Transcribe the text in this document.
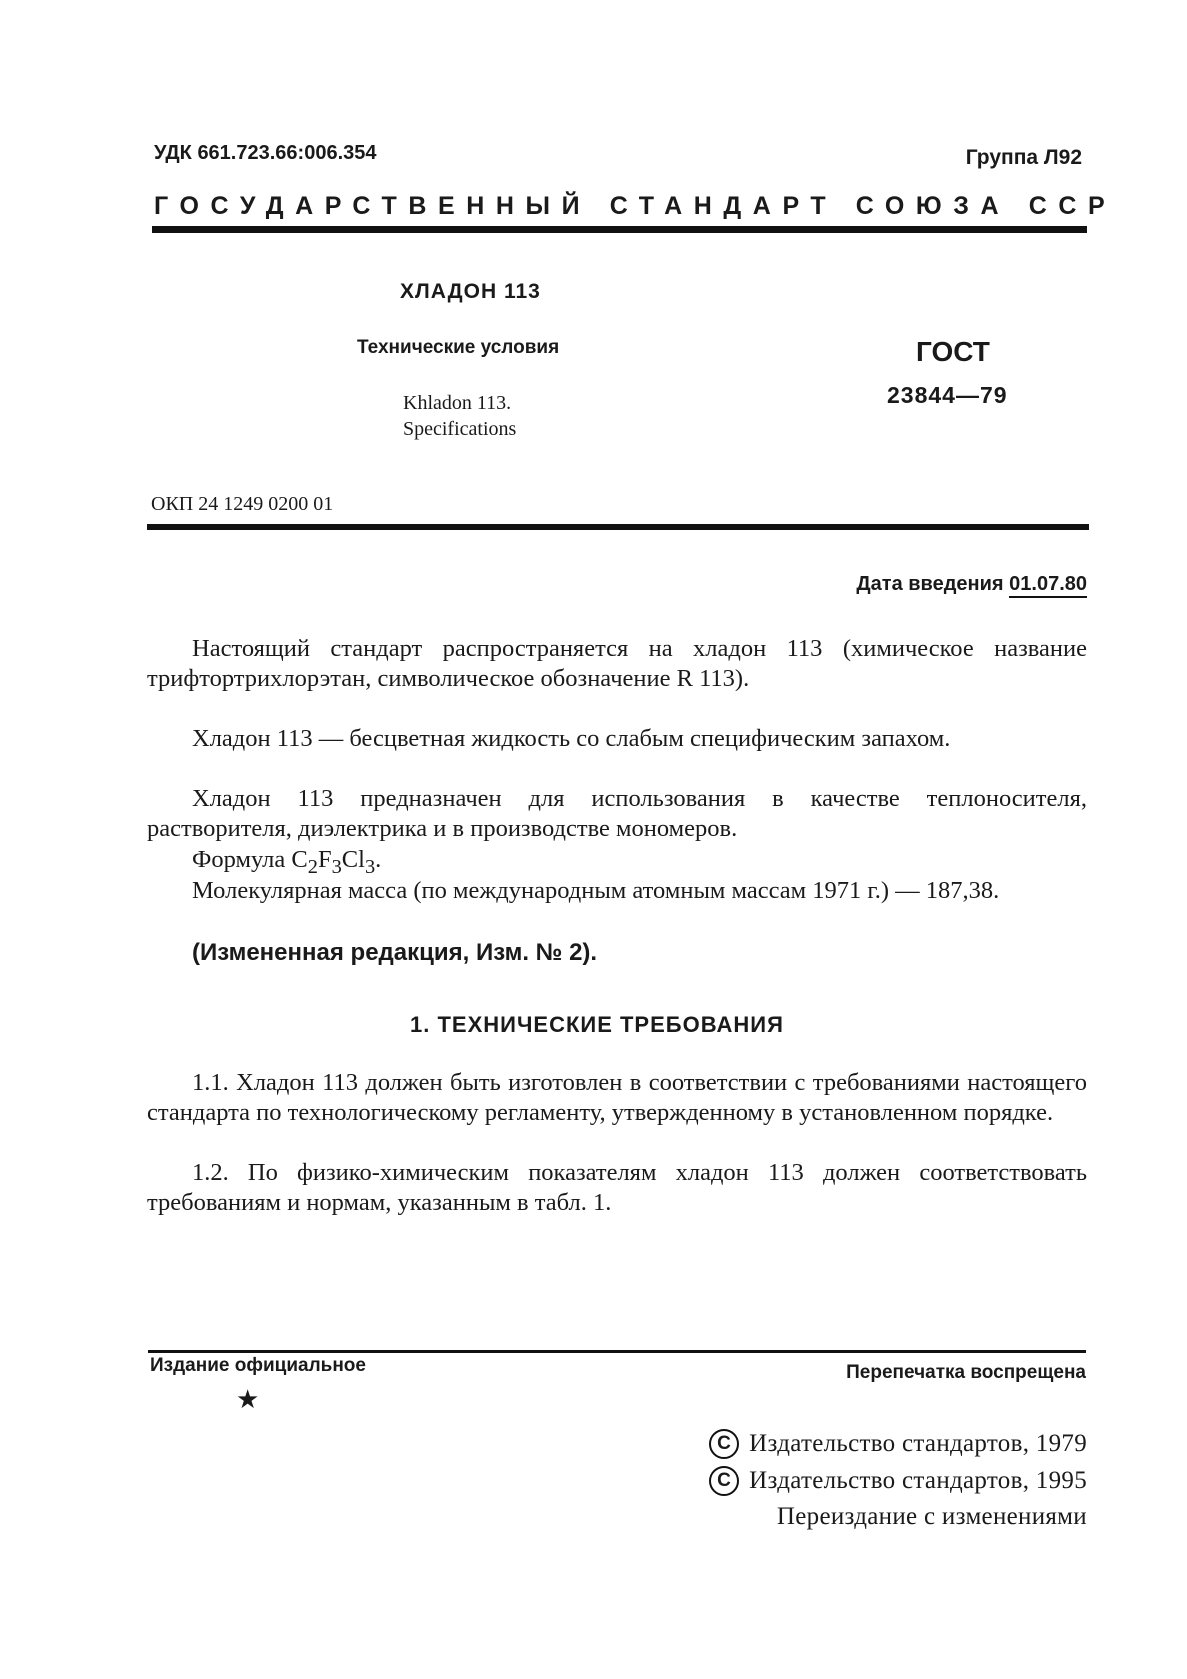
УДК 661.723.66:006.354	Группа Л92
ГОСУДАРСТВЕННЫЙ СТАНДАРТ СОЮЗА ССР
ХЛАДОН 113
Технические условия
Khladon 113.
Specifications
ГОСТ
23844—79
ОКП 24 1249 0200 01
Дата введения 01.07.80
Настоящий стандарт распространяется на хладон 113 (химическое название трифтортрихлорэтан, символическое обозначение R 113).
Хладон 113 — бесцветная жидкость со слабым специфическим запахом.
Хладон 113 предназначен для использования в качестве теплоносителя, растворителя, диэлектрика и в производстве мономеров.
Формула $C_2F_3Cl_3$.
Молекулярная масса (по международным атомным массам 1971 г.) — 187,38.
(Измененная редакция, Изм. № 2).
1. ТЕХНИЧЕСКИЕ ТРЕБОВАНИЯ
1.1. Хладон 113 должен быть изготовлен в соответствии с требованиями настоящего стандарта по технологическому регламенту, утвержденному в установленном порядке.
1.2. По физико-химическим показателям хладон 113 должен соответствовать требованиям и нормам, указанным в табл. 1.
Издание официальное
★
Перепечатка воспрещена
C Издательство стандартов, 1979
C Издательство стандартов, 1995
Переиздание с изменениями
